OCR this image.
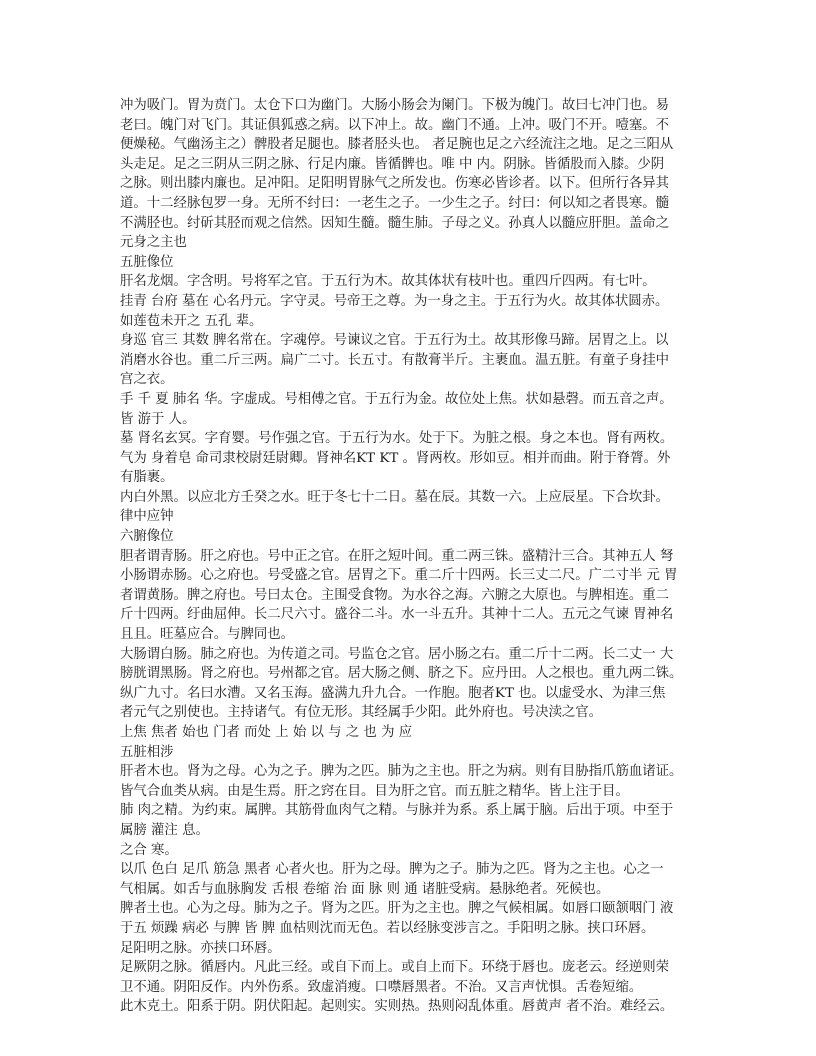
冲为吸门。胃为贲门。太仓下口为幽门。大肠小肠会为阑门。下极为魄门。故曰七冲门也。易
老曰。魄门对飞门。其证俱狐惑之病。以下冲上。故。幽门不通。上冲。吸门不开。噎塞。不
便燥秘。气幽汤主之）髀股者足腿也。膝者胫头也。 者足腕也足之六经流注之地。足之三阳从
头走足。足之三阴从三阴之脉、行足内廉。皆循髀也。唯 中 内。阴脉。皆循股而入膝。少阴
之脉。则出膝内廉也。足冲阳。足阳明胃脉气之所发也。伤寒必皆诊者。以下。但所行各异其
道。十二经脉包罗一身。无所不纣曰：一老生之子。一少生之子。纣曰：何以知之者畏寒。髓
不满胫也。纣斫其胫而观之信然。因知生髓。髓生肺。子母之义。孙真人以髓应肝胆。盖命之
元身之主也
五脏像位
肝名龙烟。字含明。号将军之官。于五行为木。故其体状有枝叶也。重四斤四两。有七叶。
挂青 台府 墓在 心名丹元。字守灵。号帝王之尊。为一身之主。于五行为火。故其体状圆赤。
如莲苞未开之 五孔 辈。
身巡 官三 其数 脾名常在。字魂停。号谏议之官。于五行为土。故其形像马蹄。居胃之上。以
消磨水谷也。重二斤三两。扁广二寸。长五寸。有散膏半斤。主裹血。温五脏。有童子身挂中
宫之衣。
手 千 夏 肺名 华。字虚成。号相傅之官。于五行为金。故位处上焦。状如悬磬。而五音之声。
皆 游于 人。
墓 肾名玄冥。字育婴。号作强之官。于五行为水。处于下。为脏之根。身之本也。肾有两枚。
气为 身着皂 命司隶校尉廷尉卿。肾神名KT KT 。肾两枚。形如豆。相并而曲。附于脊膂。外
有脂裹。
内白外黑。以应北方壬癸之水。旺于冬七十二日。墓在辰。其数一六。上应辰星。下合坎卦。
律中应钟
六腑像位
胆者谓青肠。肝之府也。号中正之官。在肝之短叶间。重二两三铢。盛精汁三合。其神五人 弩
小肠谓赤肠。心之府也。号受盛之官。居胃之下。重二斤十四两。长三丈二尺。广二寸半 元 胃
者谓黄肠。脾之府也。号曰太仓。主围受食物。为水谷之海。六腑之大原也。与脾相连。重二
斤十四两。纡曲屈伸。长二尺六寸。盛谷二斗。水一斗五升。其神十二人。五元之气谏 胃神名
且且。旺墓应合。与脾同也。
大肠谓白肠。肺之府也。为传道之司。号监仓之官。居小肠之右。重二斤十二两。长二丈一 大
膀胱谓黑肠。肾之府也。号州都之官。居大肠之侧、脐之下。应丹田。人之根也。重九两二铢。
纵广九寸。名曰水漕。又名玉海。盛满九升九合。一作胞。胞者KT 也。以虚受水、为津三焦
者元气之别使也。主持诸气。有位无形。其经属手少阳。此外府也。号决渎之官。
上焦 焦者 始也 门者 而处 上 始 以 与 之 也 为 应
五脏相涉
肝者木也。肾为之母。心为之子。脾为之匹。肺为之主也。肝之为病。则有目胁指爪筋血诸证。
皆气合血类从病。由是生焉。肝之窍在目。目为肝之官。而五脏之精华。皆上注于目。
肺 肉之精。为约束。属脾。其筋骨血肉气之精。与脉并为系。系上属于脑。后出于项。中至于
属膀 灌注 息。
之合 寒。
以爪 色白 足爪 筋急 黑者 心者火也。肝为之母。脾为之子。肺为之匹。肾为之主也。心之一
气相属。如舌与血脉胸发 舌根 卷缩 治 面 脉 则 通 诸脏受病。悬脉绝者。死候也。
脾者土也。心为之母。肺为之子。肾为之匹。肝为之主也。脾之气候相属。如唇口颐颔咽门 液
于五 烦躁 病必 与脾 皆 脾 血枯则沈而无色。若以经脉变涉言之。手阳明之脉。挟口环唇。
足阳明之脉。亦挟口环唇。
足厥阴之脉。循唇内。凡此三经。或自下而上。或自上而下。环绕于唇也。庞老云。经逆则荣
卫不通。阴阳反作。内外伤系。致虚消瘦。口噤唇黑者。不治。又言声忧惧。舌卷短缩。
此木克土。阳系于阴。阴伏阳起。起则实。实则热。热则闷乱体重。唇黄声 者不治。难经云。
